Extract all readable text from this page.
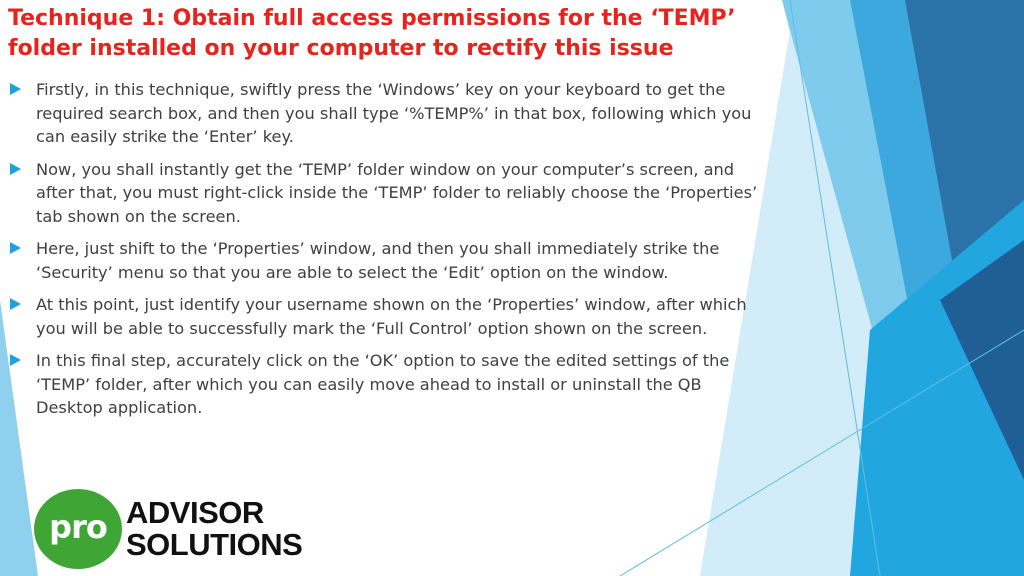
Technique 1: Obtain full access permissions for the ‘TEMP’ folder installed on your computer to rectify this issue
Firstly, in this technique, swiftly press the ‘Windows’ key on your keyboard to get the required search box, and then you shall type ‘%TEMP%’ in that box, following which you can easily strike the ‘Enter’ key.
Now, you shall instantly get the ‘TEMP’ folder window on your computer’s screen, and after that, you must right-click inside the ‘TEMP’ folder to reliably choose the ‘Properties’ tab shown on the screen.
Here, just shift to the ‘Properties’ window, and then you shall immediately strike the ‘Security’ menu so that you are able to select the ‘Edit’ option on the window.
At this point, just identify your username shown on the ‘Properties’ window, after which you will be able to successfully mark the ‘Full Control’ option shown on the screen.
In this final step, accurately click on the ‘OK’ option to save the edited settings of the ‘TEMP’ folder, after which you can easily move ahead to install or uninstall the QB Desktop application.
pro ADVISOR
SOLUTIONS
